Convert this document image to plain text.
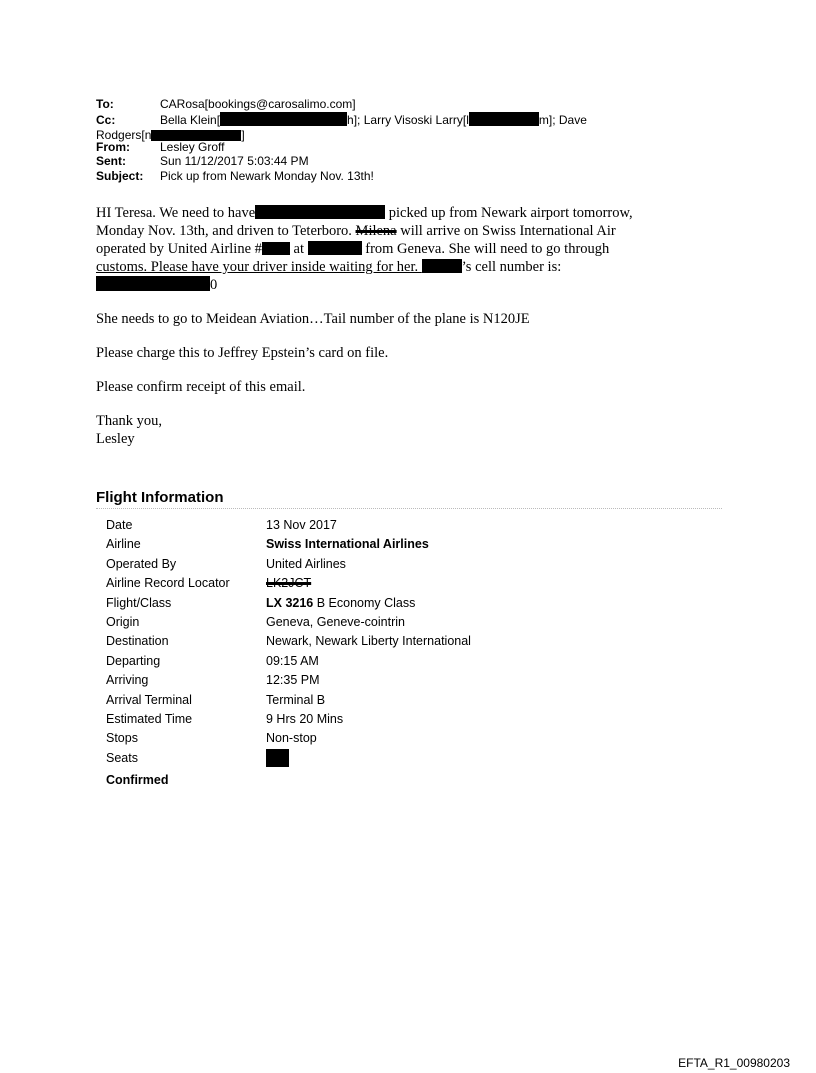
To:	CARosa[bookings@carosalimo.com]
Cc:	Bella Klein[	h]; Larry Visoski Larry[l	m]; Dave
Rodgers[n	]
From:	Lesley Groff
Sent:	Sun 11/12/2017 5:03:44 PM
Subject: Pick up from Newark Monday Nov. 13th!
HI Teresa. We need to have	picked up from Newark airport tomorrow,
Monday Nov. 13th, and driven to Teterboro. Milena will arrive on Swiss International Air
operated by United Airline # at	from Geneva. She will need to go through
customs. Please have your driver inside waiting for her.	’s cell number is:
0
She needs to go to Meidean Aviation…Tail number of the plane is N120JE
Please charge this to Jeffrey Epstein’s card on file.
Please confirm receipt of this email.
Thank you,
Lesley
Flight Information
Date	13 Nov 2017
Airline	Swiss International Airlines
Operated By	United Airlines
Airline Record Locator	LK2JCT
Flight/Class	LX 3216 B Economy Class
Origin	Geneva, Geneve-cointrin
Destination	Newark, Newark Liberty International
Departing	09:15 AM
Arriving	12:35 PM
Arrival Terminal	Terminal B
Estimated Time	9 Hrs 20 Mins
Stops	Non-stop
Seats
Confirmed
EFTA_R1_00980203
